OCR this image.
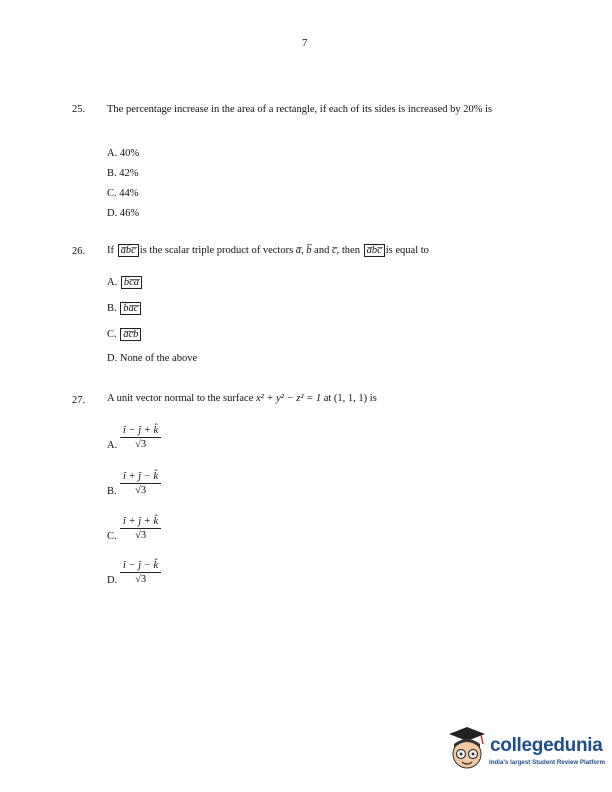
7
25. The percentage increase in the area of a rectangle, if each of its sides is increased by 20% is
A. 40%
B. 42%
C. 44%
D. 46%
26. If a̅b̅c̅ is the scalar triple product of vectors a̅, b̅ and c̅, then a̅b̅c̅ is equal to
A. b̅c̅a̅
B. b̅a̅c̅
C. a̅c̅b̅
D. None of the above
27. A unit vector normal to the surface x² + y² − z² = 1 at (1, 1, 1) is
A.
î − ĵ + k̂
√3
B.
î + ĵ − k̂
√3
C.
î + ĵ + k̂
√3
D.
î − ĵ − k̂
√3
collegedunia
India's largest Student Review Platform
